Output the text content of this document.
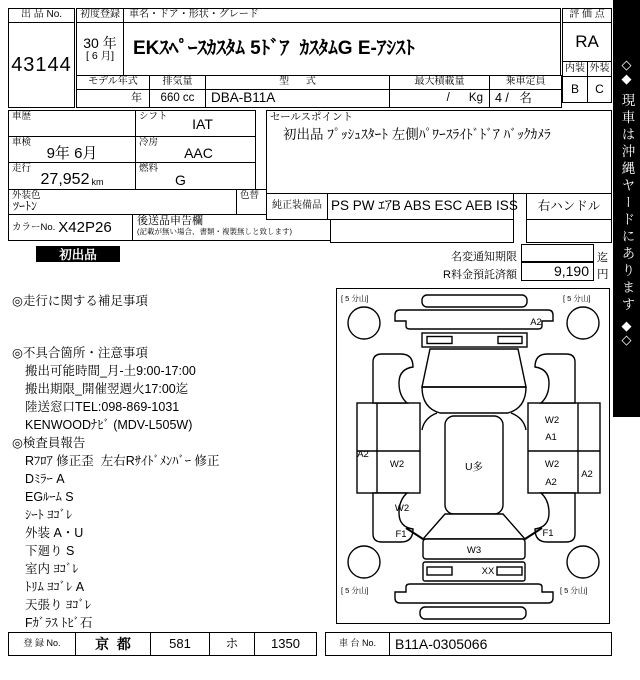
出 品 No.
43144
初度登録
30 年
[ 6 月]
車名・ドア・形状・グレード
EKｽﾍﾟｰｽｶｽﾀﾑ 5ﾄﾞｱ  ｶｽﾀﾑG E-ｱｼｽﾄ
評 価 点
RA
内装 外装
B	C
モデル年式
年
排気量
660 cc
型      式
DBA-B11A
最大積載量
/      Kg
乗車定員
4 /   名
車歴	シフト	IAT
車検
9年 6月
冷房
AAC
走行
27,952 km
燃料
G
外装色
ﾂｰﾄﾝ
色替
カラーNo. X42P26 後送品申告欄
(記載が無い場合、書類・複製無しと致します)
セールスポイント
初出品 ﾌﾟｯｼｭｽﾀｰﾄ 左側ﾊﾟﾜｰｽﾗｲﾄﾞﾄﾞｱ ﾊﾞｯｸｶﾒﾗ
純正装備品 PS PW ｴｱB ABS ESC AEB ISS	右ハンドル
初出品	名変通知期限	迄
R料金預託済額	9,190 円
◎走行に関する補足事項
◎不具合箇所・注意事項
搬出可能時間_月-土9:00-17:00
搬出期限_開催翌週火17:00迄
陸送窓口TEL:098-869-1031
KENWOODﾅﾋﾞ (MDV-L505W)
◎検査員報告
Rﾌﾛｱ 修正歪  左右Rｻｲﾄﾞﾒﾝﾊﾞｰ 修正
Dﾐﾗｰ A
EGﾙｰﾑ S
ｼｰﾄ ﾖｺﾞﾚ
外装 A・U
下廻り S
室内 ﾖｺﾞﾚ
ﾄﾘﾑ ﾖｺﾞﾚ A
天張り ﾖｺﾞﾚ
Fｶﾞﾗｽ ﾄﾋﾞ石
[ 5 分山]	[ 5 分山]
[ 5 分山]	[ 5 分山]
A2
W2
A1
A2
W2	U多	W2
A2
A2
W2
F1	F1
W3
XX
登 録 No.	京  都	581	ホ	1350	車 台 No.	B11A-0305066
◇
◆
現車は沖縄ヤードにあります
◆
◇
